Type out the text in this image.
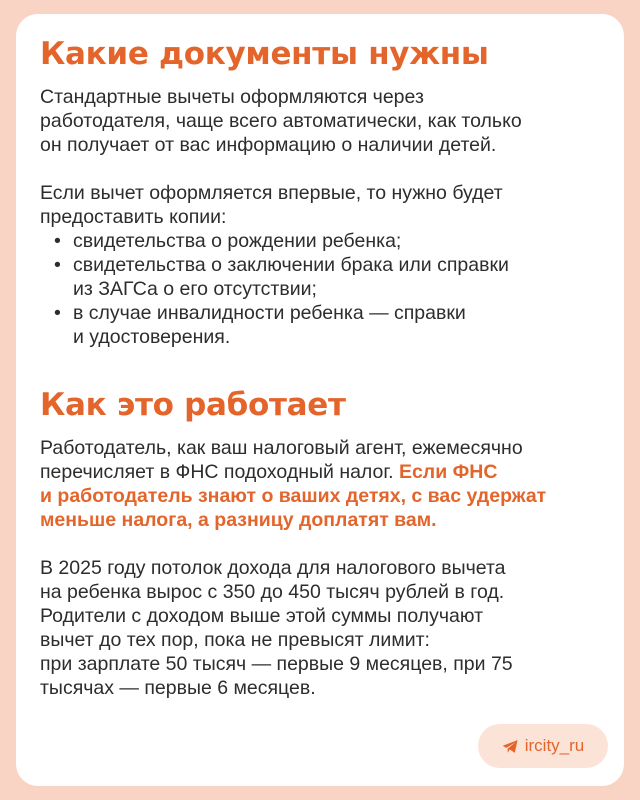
Какие документы нужны

Стандартные вычеты оформляются через
работодателя, чаще всего автоматически, как только
он получает от вас информацию о наличии детей.

Если вычет оформляется впервые, то нужно будет
предоставить копии:

• свидетельства о рождении ребенка;
• свидетельства о заключении брака или справки
из ЗАГСа о его отсутствии;
• в случае инвалидности ребенка — справки
и удостоверения.
Как это работает

Работодатель, как ваш налоговый агент, ежемесячно
перечисляет в ФНС подоходный налог. Если ФНС
и работодатель знают о ваших детях, с вас удержат
меньше налога, а разницу доплатят вам.

В 2025 году потолок дохода для налогового вычета
на ребенка вырос с 350 до 450 тысяч рублей в год.
Родители с доходом выше этой суммы получают
вычет до тех пор, пока не превысят лимит:
при зарплате 50 тысяч — первые 9 месяцев, при 75
тысячах — первые 6 месяцев.

ircity_ru
